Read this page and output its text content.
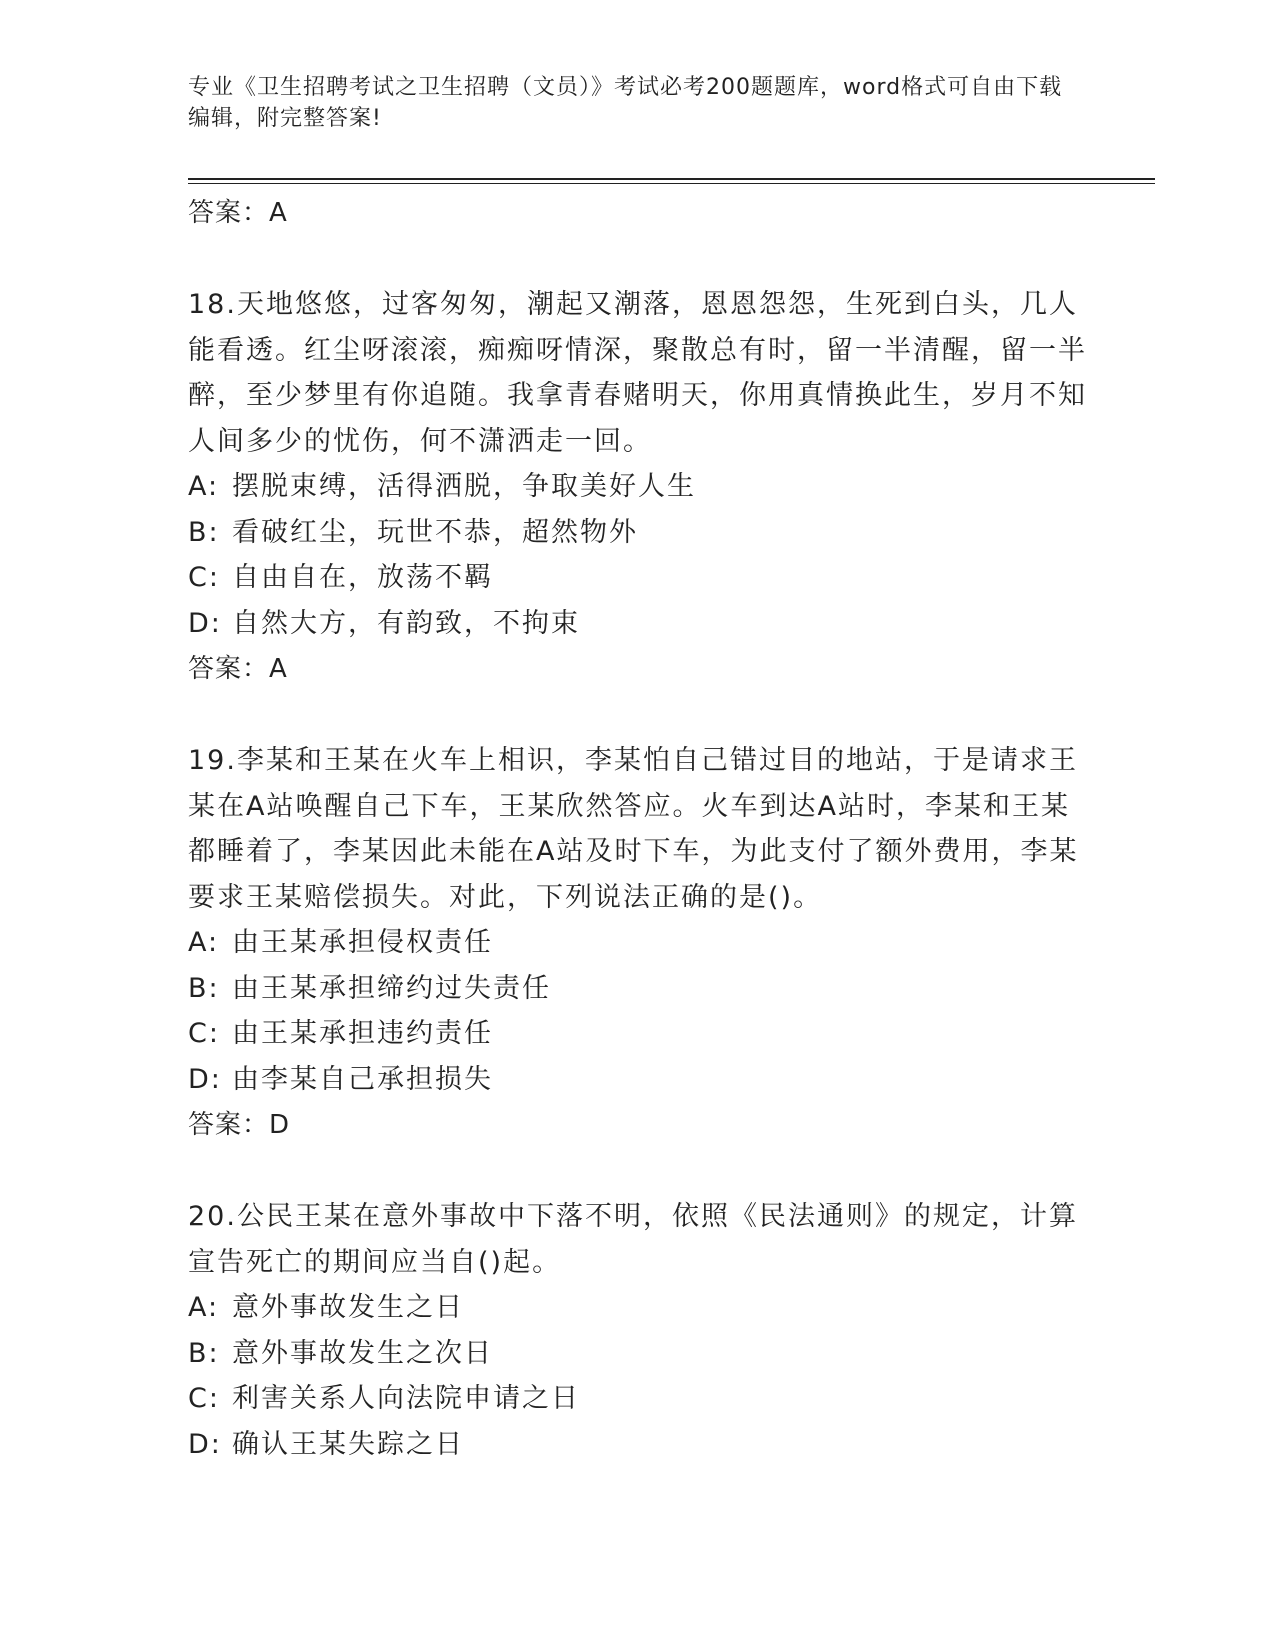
专业《卫生招聘考试之卫生招聘（文员）》考试必考200题题库，word格式可自由下载编辑，附完整答案!

答案：A

18.天地悠悠，过客匆匆，潮起又潮落，恩恩怨怨，生死到白头，几人能看透。红尘呀滚滚，痴痴呀情深，聚散总有时，留一半清醒，留一半醉，至少梦里有你追随。我拿青春赌明天，你用真情换此生，岁月不知人间多少的忧伤，何不潇洒走一回。

A: 摆脱束缚，活得洒脱，争取美好人生

B: 看破红尘，玩世不恭，超然物外

C: 自由自在，放荡不羁

D: 自然大方，有韵致，不拘束

答案：A

19.李某和王某在火车上相识，李某怕自己错过目的地站，于是请求王某在A站唤醒自己下车，王某欣然答应。火车到达A站时，李某和王某都睡着了，李某因此未能在A站及时下车，为此支付了额外费用，李某要求王某赔偿损失。对此，下列说法正确的是()。

A: 由王某承担侵权责任

B: 由王某承担缔约过失责任

C: 由王某承担违约责任

D: 由李某自己承担损失

答案：D

20.公民王某在意外事故中下落不明，依照《民法通则》的规定，计算宣告死亡的期间应当自()起。

A: 意外事故发生之日

B: 意外事故发生之次日

C: 利害关系人向法院申请之日

D: 确认王某失踪之日
